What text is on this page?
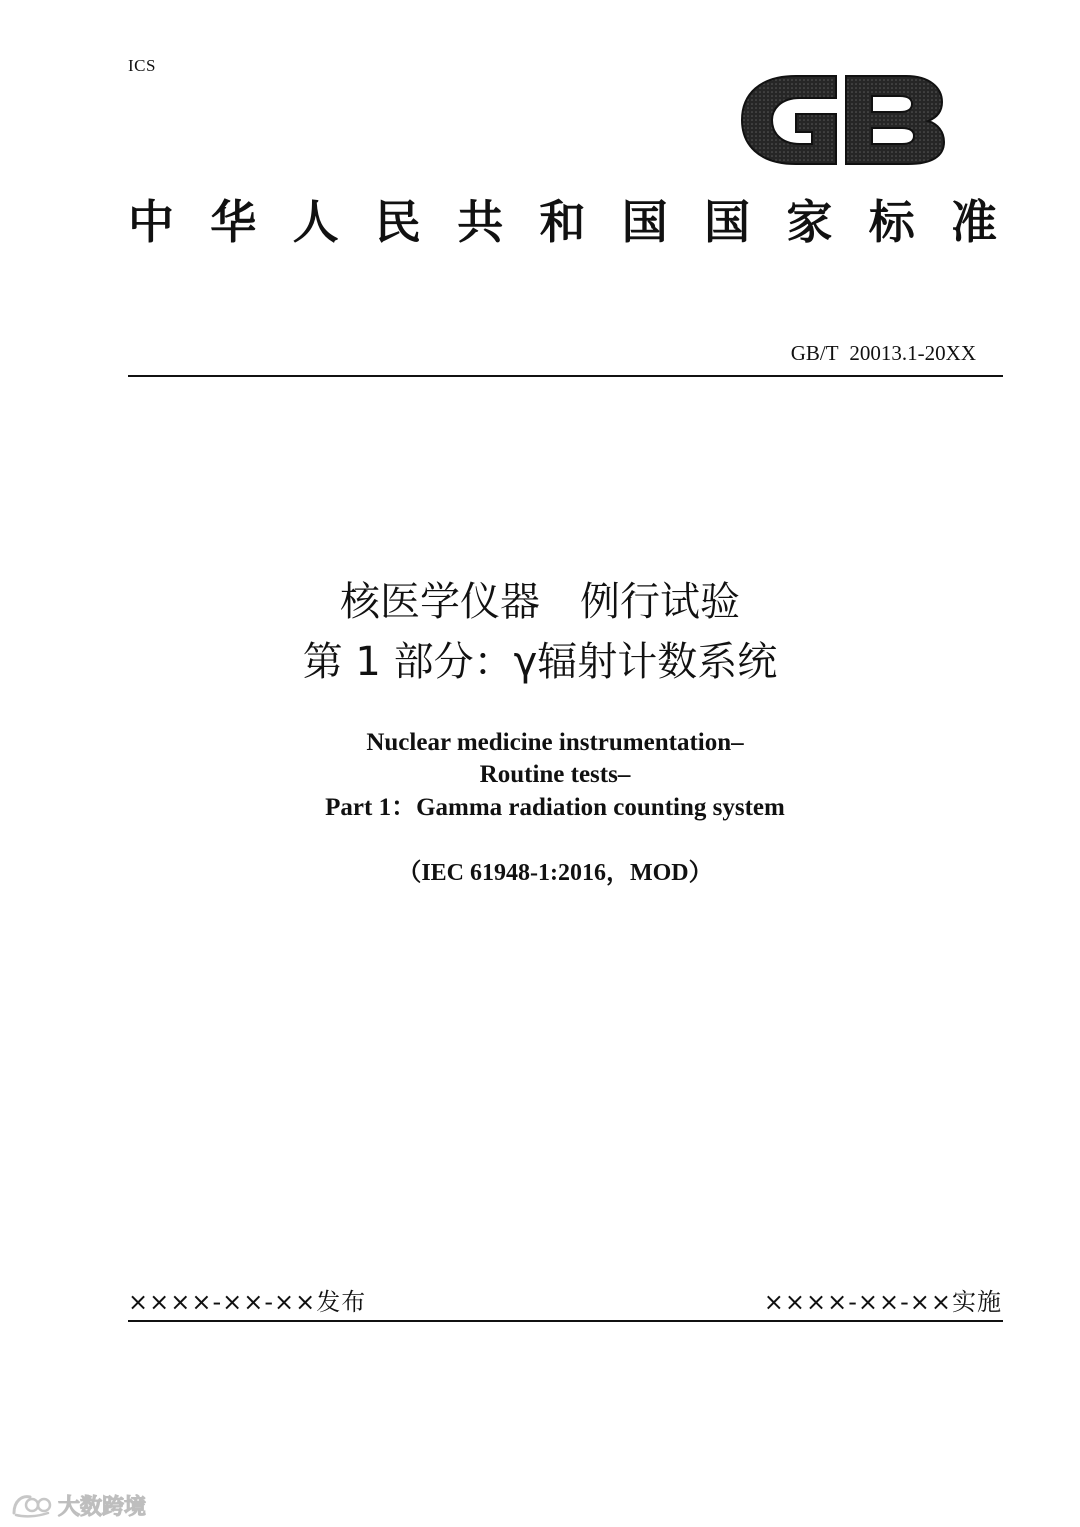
ICS
中华人民共和国国家标准
GB/T 20013.1-20XX
核医学仪器　例行试验
第 1 部分：γ辐射计数系统
Nuclear medicine instrumentation–
Routine tests–
Part 1：Gamma radiation counting system
（IEC 61948-1:2016，MOD）
××××-××-××发布	××××-××-××实施
大数跨境
